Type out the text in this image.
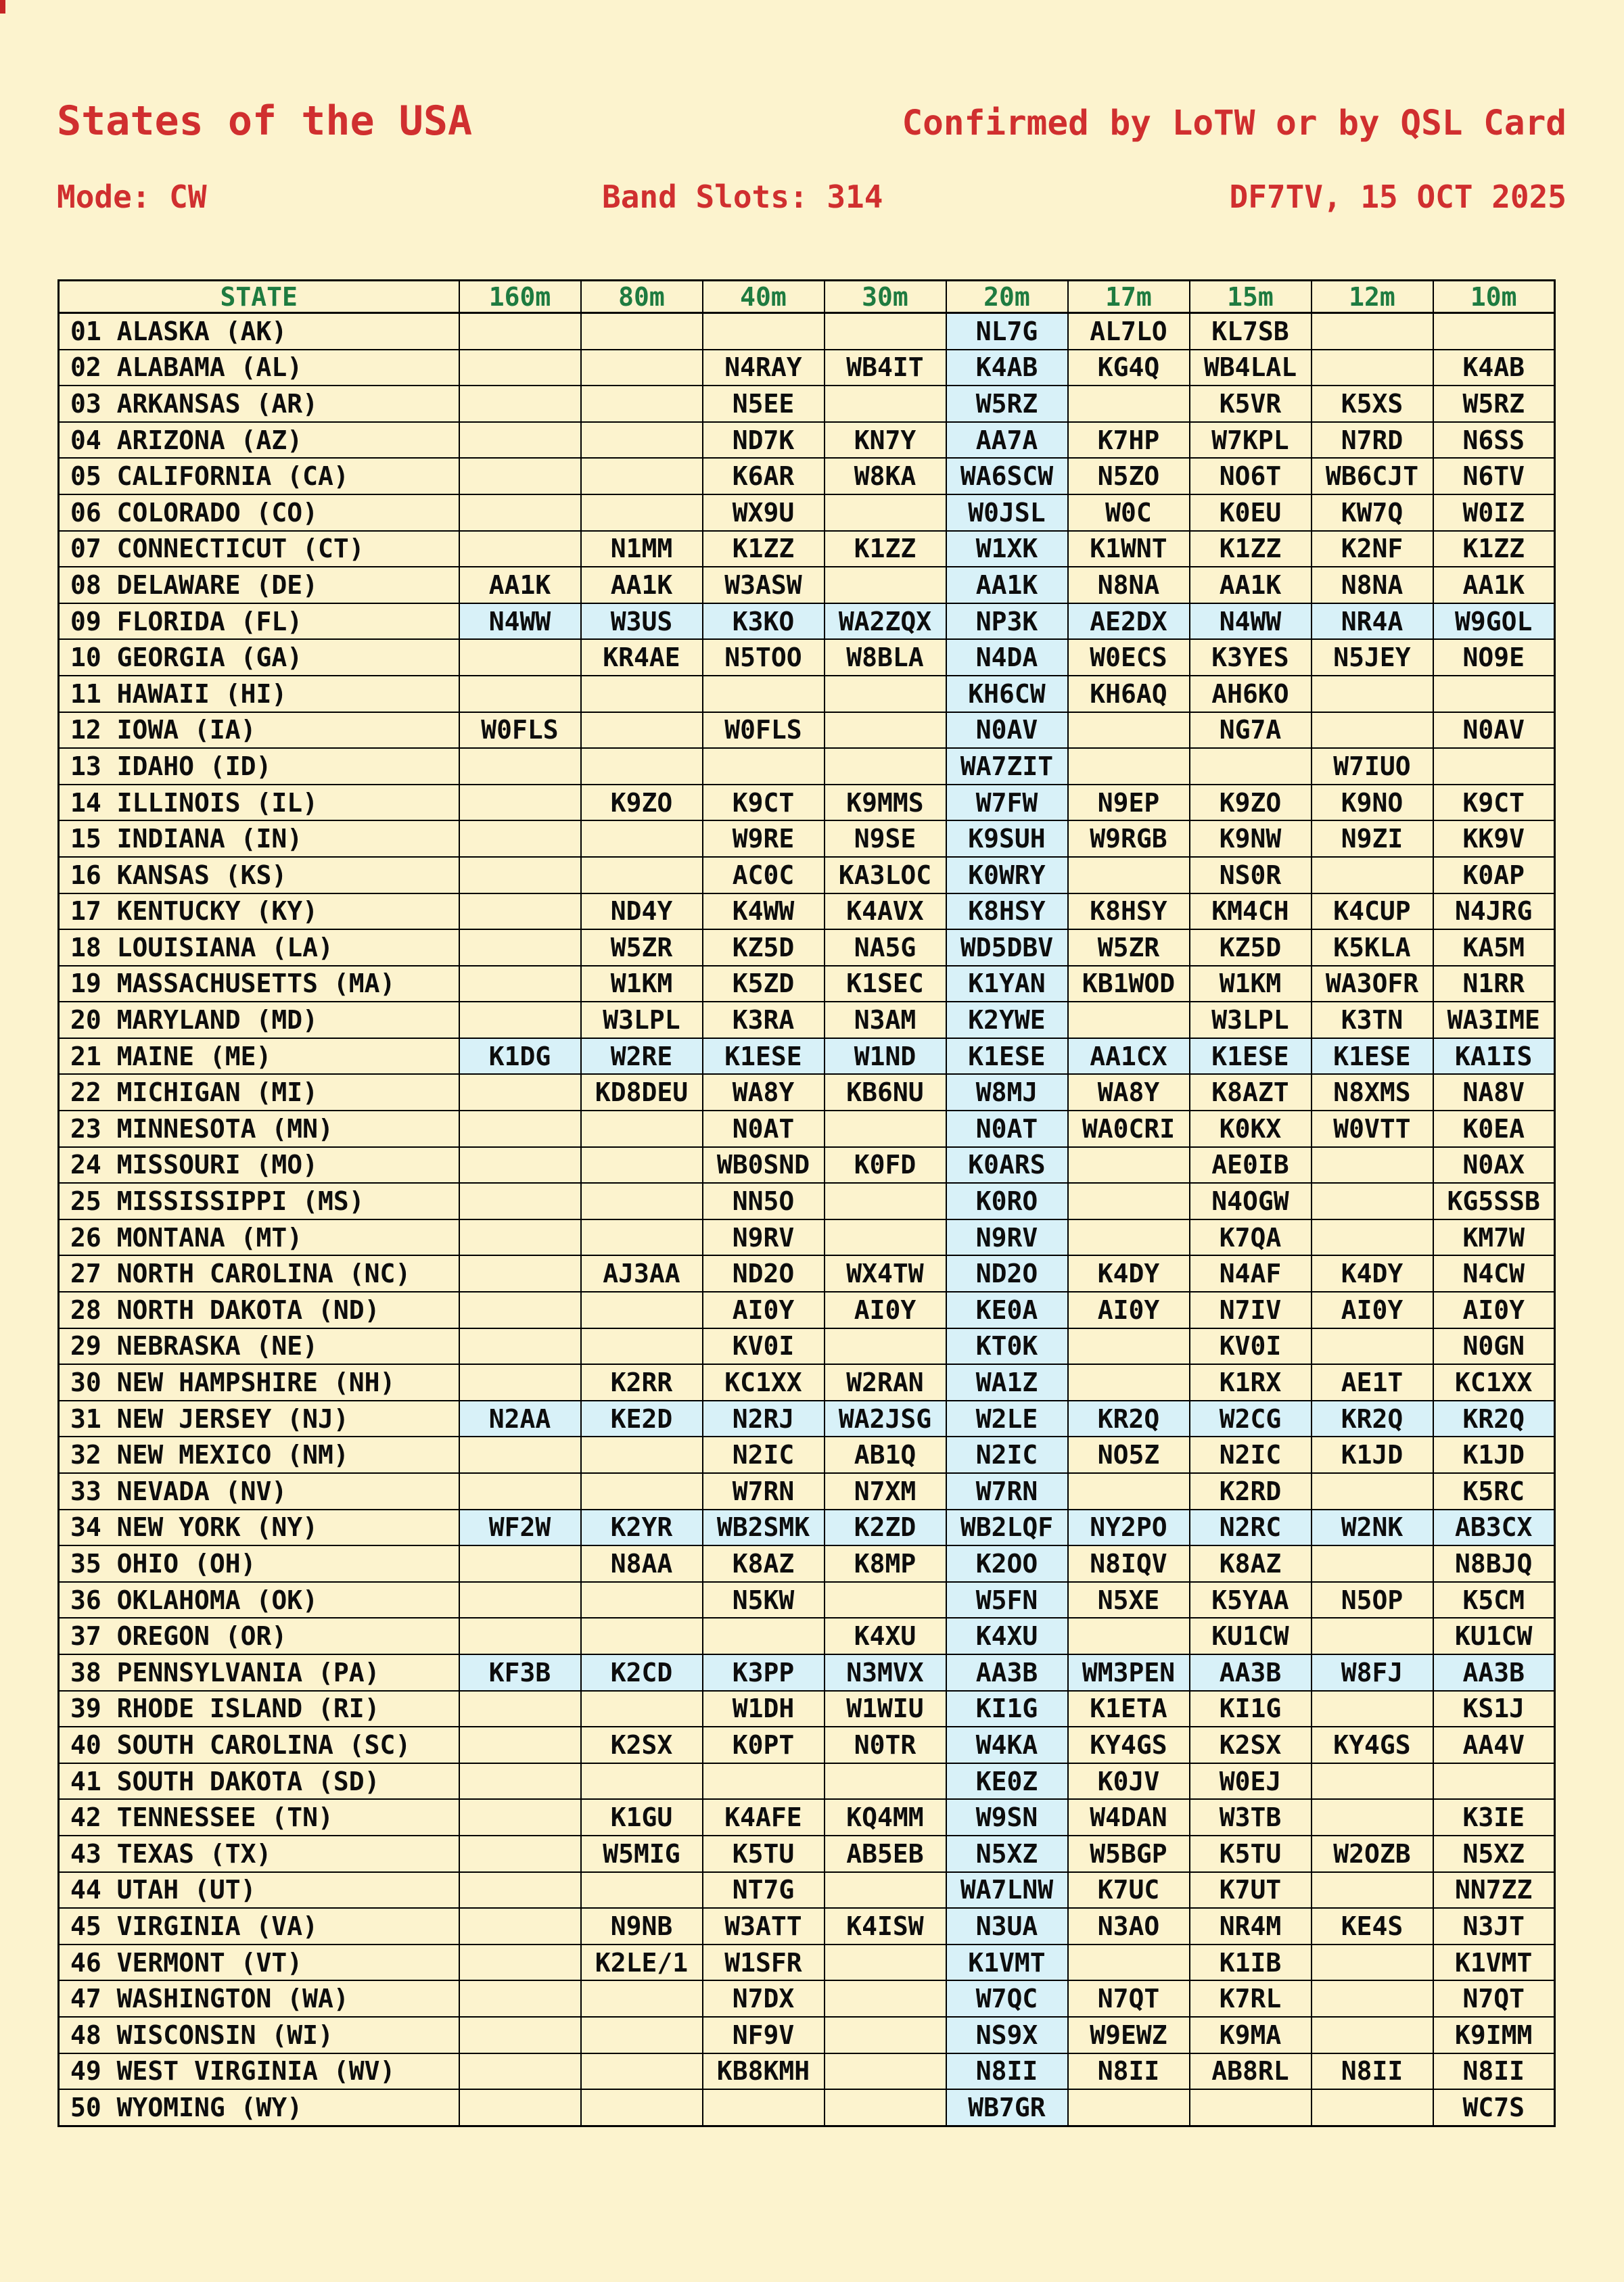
States of the USA	Confirmed by LoTW or by QSL Card
Mode: CW	Band Slots: 314	DF7TV, 15 OCT 2025
STATE	160m	80m	40m	30m	20m	17m	15m	12m	10m
01 ALASKA (AK)					NL7G	AL7LO	KL7SB		
02 ALABAMA (AL)			N4RAY	WB4IT	K4AB	KG4Q	WB4LAL		K4AB
03 ARKANSAS (AR)			N5EE		W5RZ		K5VR	K5XS	W5RZ
04 ARIZONA (AZ)			ND7K	KN7Y	AA7A	K7HP	W7KPL	N7RD	N6SS
05 CALIFORNIA (CA)			K6AR	W8KA	WA6SCW	N5ZO	NO6T	WB6CJT	N6TV
06 COLORADO (CO)			WX9U		W0JSL	W0C	K0EU	KW7Q	W0IZ
07 CONNECTICUT (CT)		N1MM	K1ZZ	K1ZZ	W1XK	K1WNT	K1ZZ	K2NF	K1ZZ
08 DELAWARE (DE)	AA1K	AA1K	W3ASW		AA1K	N8NA	AA1K	N8NA	AA1K
09 FLORIDA (FL)	N4WW	W3US	K3KO	WA2ZQX	NP3K	AE2DX	N4WW	NR4A	W9GOL
10 GEORGIA (GA)		KR4AE	N5TOO	W8BLA	N4DA	W0ECS	K3YES	N5JEY	NO9E
11 HAWAII (HI)					KH6CW	KH6AQ	AH6KO		
12 IOWA (IA)	W0FLS		W0FLS		N0AV		NG7A		N0AV
13 IDAHO (ID)					WA7ZIT			W7IUO	
14 ILLINOIS (IL)		K9ZO	K9CT	K9MMS	W7FW	N9EP	K9ZO	K9NO	K9CT
15 INDIANA (IN)			W9RE	N9SE	K9SUH	W9RGB	K9NW	N9ZI	KK9V
16 KANSAS (KS)			AC0C	KA3LOC	K0WRY		NS0R		K0AP
17 KENTUCKY (KY)		ND4Y	K4WW	K4AVX	K8HSY	K8HSY	KM4CH	K4CUP	N4JRG
18 LOUISIANA (LA)		W5ZR	KZ5D	NA5G	WD5DBV	W5ZR	KZ5D	K5KLA	KA5M
19 MASSACHUSETTS (MA)		W1KM	K5ZD	K1SEC	K1YAN	KB1WOD	W1KM	WA3OFR	N1RR
20 MARYLAND (MD)		W3LPL	K3RA	N3AM	K2YWE		W3LPL	K3TN	WA3IME
21 MAINE (ME)	K1DG	W2RE	K1ESE	W1ND	K1ESE	AA1CX	K1ESE	K1ESE	KA1IS
22 MICHIGAN (MI)		KD8DEU	WA8Y	KB6NU	W8MJ	WA8Y	K8AZT	N8XMS	NA8V
23 MINNESOTA (MN)			N0AT		N0AT	WA0CRI	K0KX	W0VTT	K0EA
24 MISSOURI (MO)			WB0SND	K0FD	K0ARS		AE0IB		N0AX
25 MISSISSIPPI (MS)			NN5O		K0RO		N4OGW		KG5SSB
26 MONTANA (MT)			N9RV		N9RV		K7QA		KM7W
27 NORTH CAROLINA (NC)		AJ3AA	ND2O	WX4TW	ND2O	K4DY	N4AF	K4DY	N4CW
28 NORTH DAKOTA (ND)			AI0Y	AI0Y	KE0A	AI0Y	N7IV	AI0Y	AI0Y
29 NEBRASKA (NE)			KV0I		KT0K		KV0I		N0GN
30 NEW HAMPSHIRE (NH)		K2RR	KC1XX	W2RAN	WA1Z		K1RX	AE1T	KC1XX
31 NEW JERSEY (NJ)	N2AA	KE2D	N2RJ	WA2JSG	W2LE	KR2Q	W2CG	KR2Q	KR2Q
32 NEW MEXICO (NM)			N2IC	AB1Q	N2IC	NO5Z	N2IC	K1JD	K1JD
33 NEVADA (NV)			W7RN	N7XM	W7RN		K2RD		K5RC
34 NEW YORK (NY)	WF2W	K2YR	WB2SMK	K2ZD	WB2LQF	NY2PO	N2RC	W2NK	AB3CX
35 OHIO (OH)		N8AA	K8AZ	K8MP	K2OO	N8IQV	K8AZ		N8BJQ
36 OKLAHOMA (OK)			N5KW		W5FN	N5XE	K5YAA	N5OP	K5CM
37 OREGON (OR)				K4XU	K4XU		KU1CW		KU1CW
38 PENNSYLVANIA (PA)	KF3B	K2CD	K3PP	N3MVX	AA3B	WM3PEN	AA3B	W8FJ	AA3B
39 RHODE ISLAND (RI)			W1DH	W1WIU	KI1G	K1ETA	KI1G		KS1J
40 SOUTH CAROLINA (SC)		K2SX	K0PT	N0TR	W4KA	KY4GS	K2SX	KY4GS	AA4V
41 SOUTH DAKOTA (SD)					KE0Z	K0JV	W0EJ		
42 TENNESSEE (TN)		K1GU	K4AFE	KQ4MM	W9SN	W4DAN	W3TB		K3IE
43 TEXAS (TX)		W5MIG	K5TU	AB5EB	N5XZ	W5BGP	K5TU	W2OZB	N5XZ
44 UTAH (UT)			NT7G		WA7LNW	K7UC	K7UT		NN7ZZ
45 VIRGINIA (VA)		N9NB	W3ATT	K4ISW	N3UA	N3AO	NR4M	KE4S	N3JT
46 VERMONT (VT)		K2LE/1	W1SFR		K1VMT		K1IB		K1VMT
47 WASHINGTON (WA)			N7DX		W7QC	N7QT	K7RL		N7QT
48 WISCONSIN (WI)			NF9V		NS9X	W9EWZ	K9MA		K9IMM
49 WEST VIRGINIA (WV)			KB8KMH		N8II	N8II	AB8RL	N8II	N8II
50 WYOMING (WY)					WB7GR				WC7S
